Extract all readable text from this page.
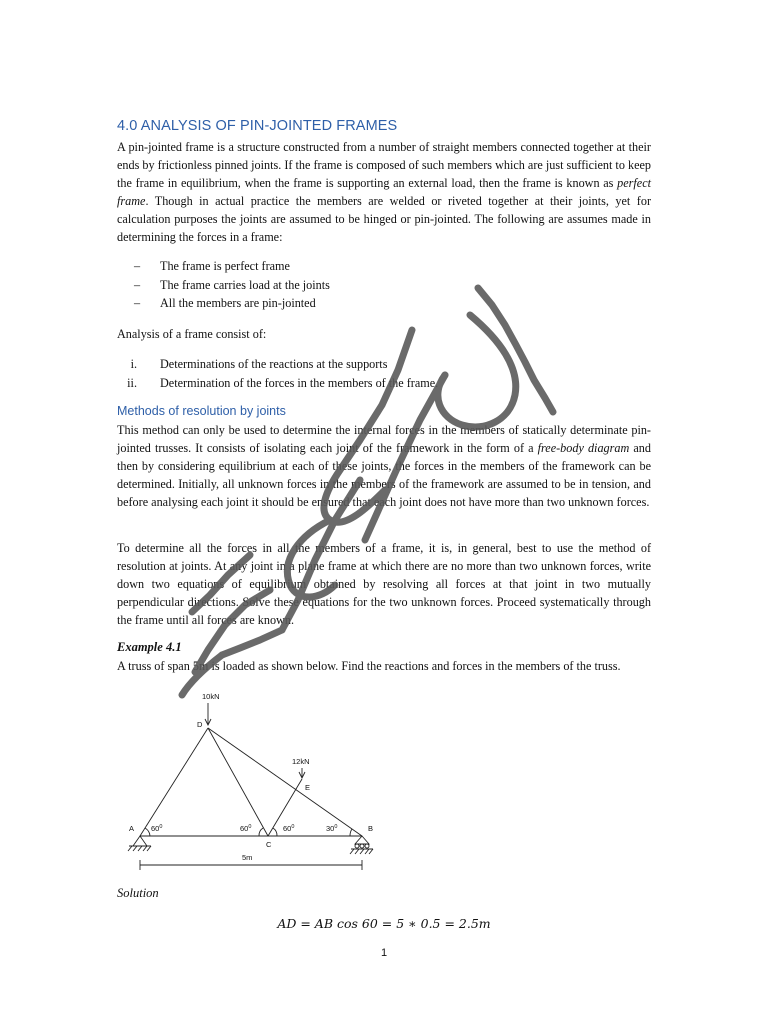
4.0 ANALYSIS OF PIN-JOINTED FRAMES

A pin-jointed frame is a structure constructed from a number of straight members connected together at their ends by frictionless pinned joints. If the frame is composed of such members which are just sufficient to keep the frame in equilibrium, when the frame is supporting an external load, then the frame is known as perfect frame. Though in actual practice the members are welded or riveted together at their joints, yet for calculation purposes the joints are assumed to be hinged or pin-jointed. The following are assumes made in determining the forces in a frame:

– The frame is perfect frame
– The frame carries load at the joints
– All the members are pin-jointed

Analysis of a frame consist of:

i. Determinations of the reactions at the supports
ii. Determination of the forces in the members of the frame.
Methods of resolution by joints

This method can only be used to determine the internal forces in the members of statically determinate pin-jointed trusses. It consists of isolating each joint of the framework in the form of a free-body diagram and then by considering equilibrium at each of these joints, the forces in the members of the framework can be determined. Initially, all unknown forces in the members of the framework are assumed to be in tension, and before analysing each joint it should be ensured that each joint does not have more than two unknown forces.

To determine all the forces in all the members of a frame, it is, in general, best to use the method of resolution at joints. At any joint in a plane frame at which there are no more than two unknown forces, write down two equations of equilibrium obtained by resolving all forces at that joint in two mutually perpendicular directions. Solve these equations for the two unknown forces. Proceed systematically through the frame until all forces are known.

Example 4.1

A truss of span 5m is loaded as shown below. Find the reactions and forces in the members of the truss.

10kN
12kN
D
E
A	B
C
$60^0$	$60^0$	$60^0$	$30^0$
5m

Solution

AD = AB cos 60 = 5 ∗ 0.5 = 2.5m

1
